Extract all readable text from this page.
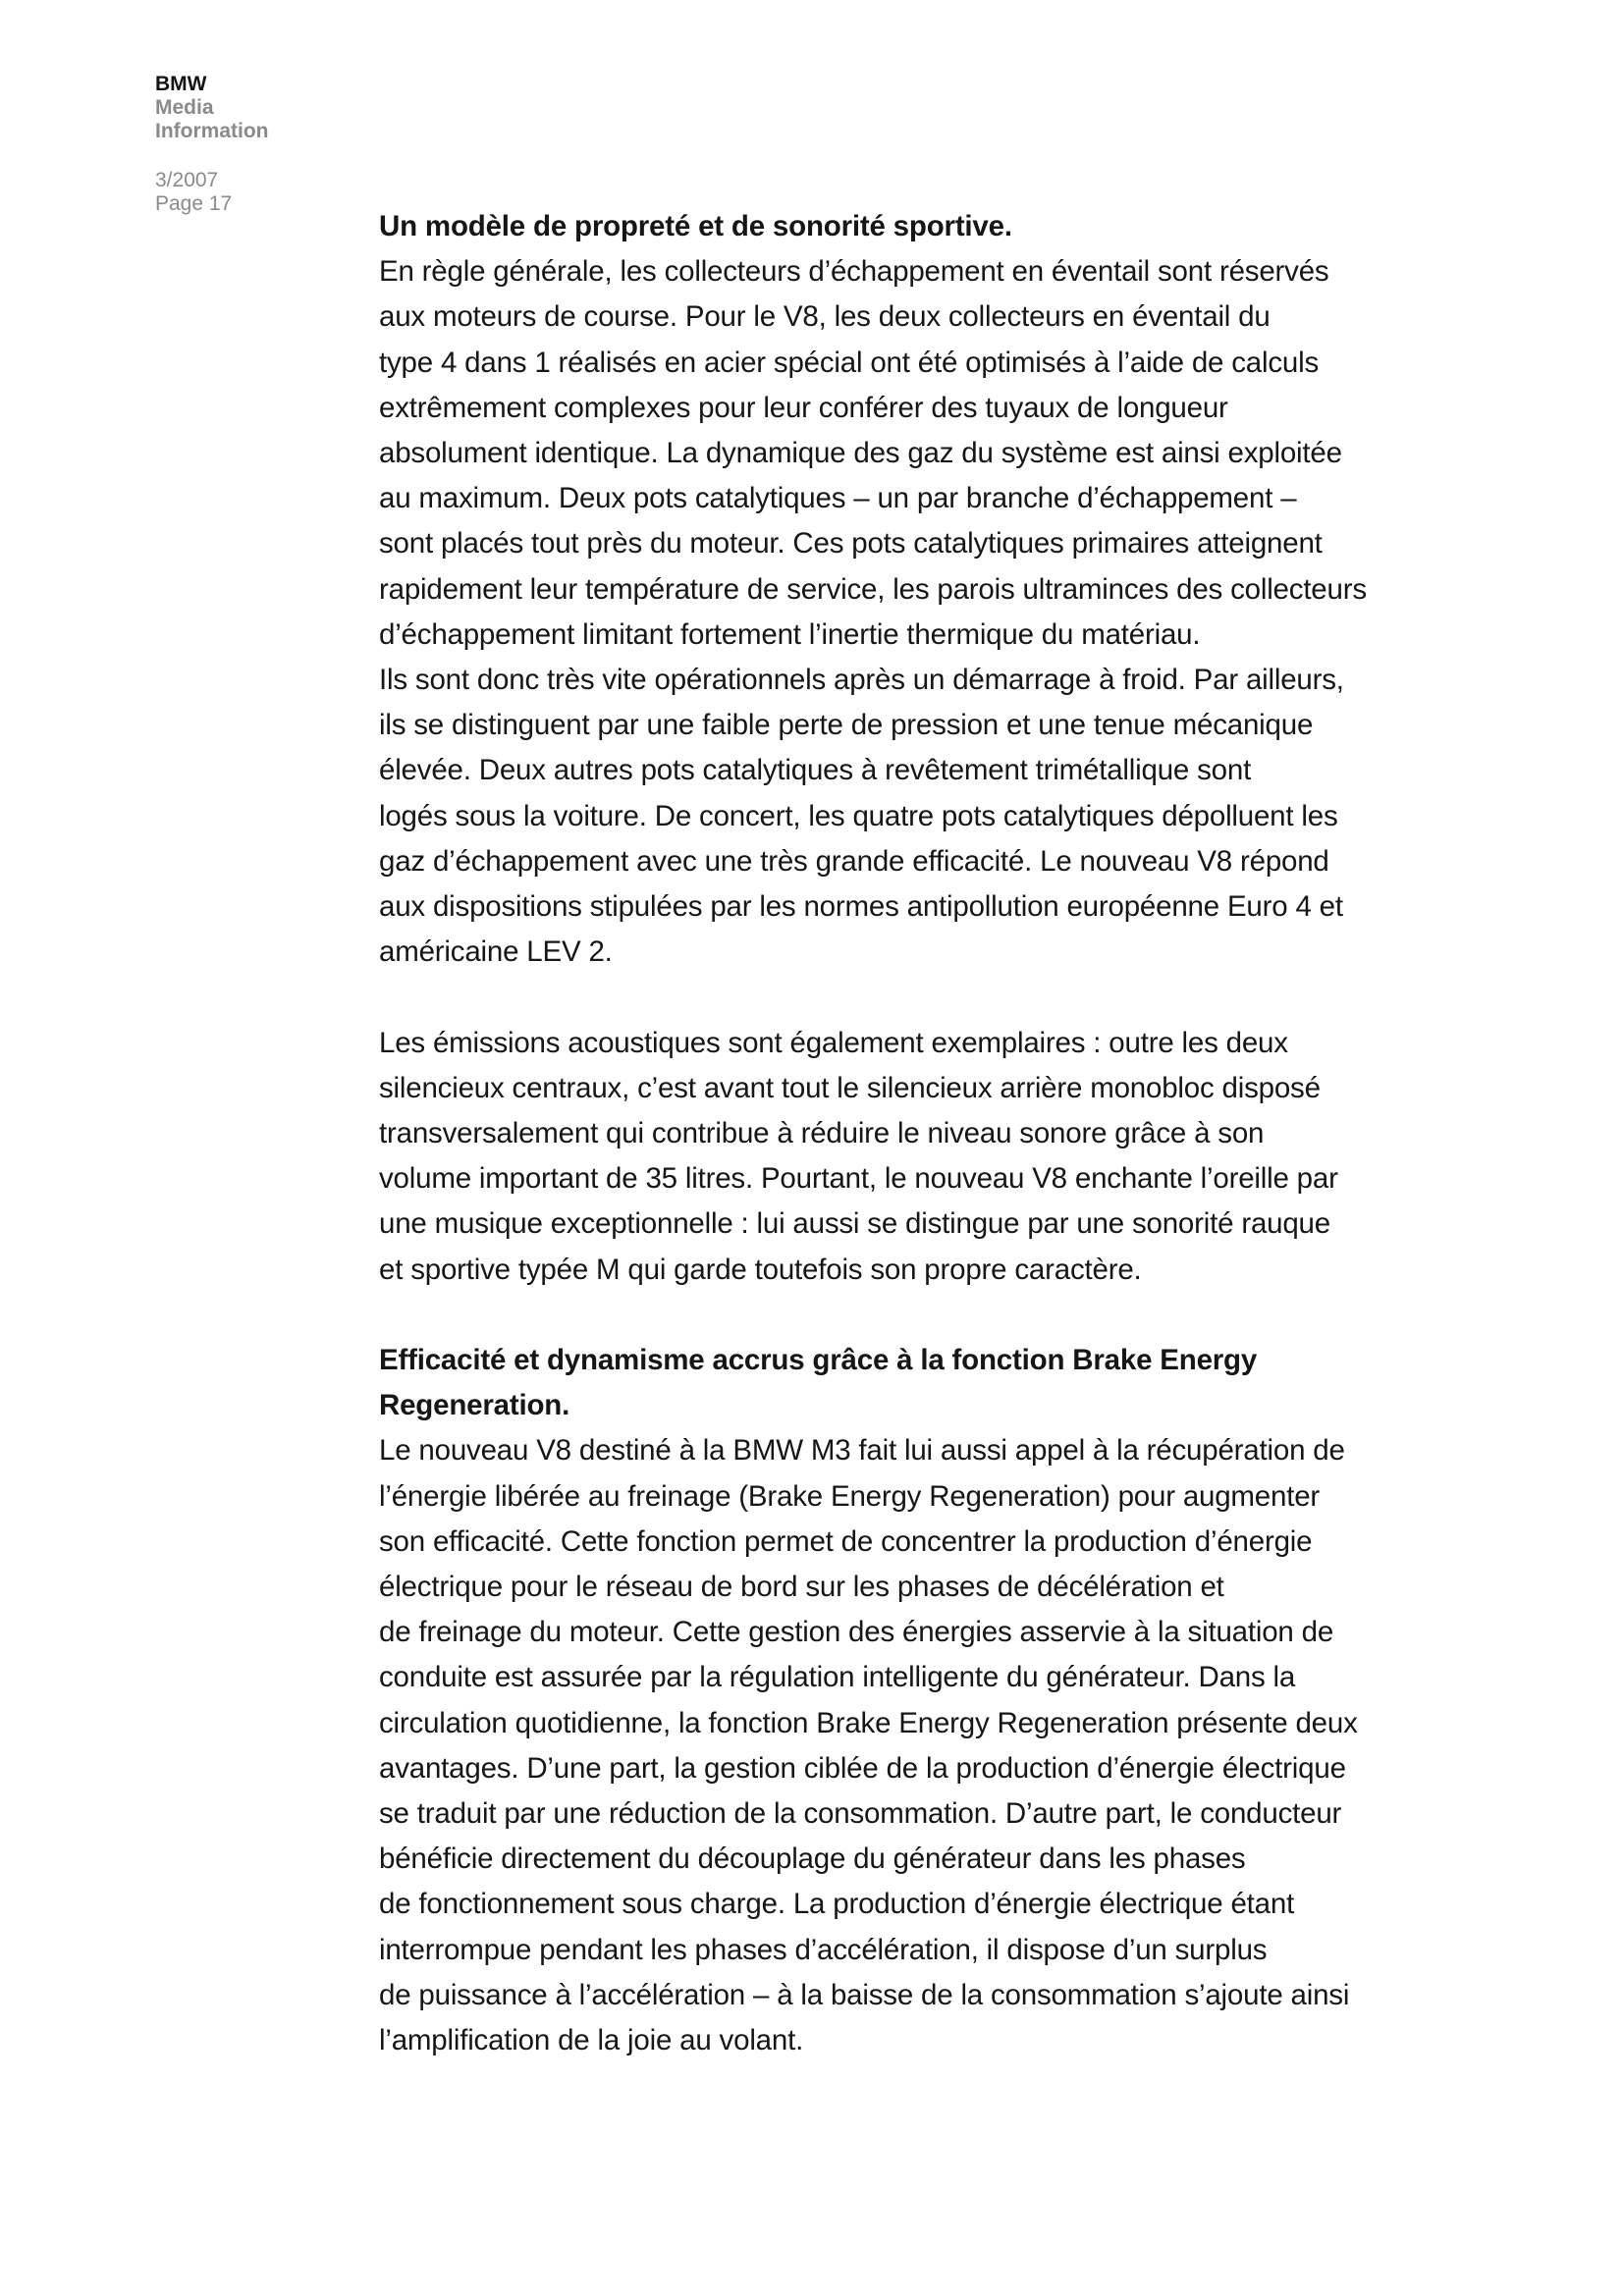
BMW
Media
Information
3/2007
Page 17
Un modèle de propreté et de sonorité sportive.
En règle générale, les collecteurs d’échappement en éventail sont réservés
aux moteurs de course. Pour le V8, les deux collecteurs en éventail du
type 4 dans 1 réalisés en acier spécial ont été optimisés à l’aide de calculs
extrêmement complexes pour leur conférer des tuyaux de longueur
absolument identique. La dynamique des gaz du système est ainsi exploitée
au maximum. Deux pots catalytiques – un par branche d’échappement –
sont placés tout près du moteur. Ces pots catalytiques primaires atteignent
rapidement leur température de service, les parois ultraminces des collecteurs
d’échappement limitant fortement l’inertie thermique du matériau.
Ils sont donc très vite opérationnels après un démarrage à froid. Par ailleurs,
ils se distinguent par une faible perte de pression et une tenue mécanique
élevée. Deux autres pots catalytiques à revêtement trimétallique sont
logés sous la voiture. De concert, les quatre pots catalytiques dépolluent les
gaz d’échappement avec une très grande efficacité. Le nouveau V8 répond
aux dispositions stipulées par les normes antipollution européenne Euro 4 et
américaine LEV 2.
Les émissions acoustiques sont également exemplaires : outre les deux
silencieux centraux, c’est avant tout le silencieux arrière monobloc disposé
transversalement qui contribue à réduire le niveau sonore grâce à son
volume important de 35 litres. Pourtant, le nouveau V8 enchante l’oreille par
une musique exceptionnelle : lui aussi se distingue par une sonorité rauque
et sportive typée M qui garde toutefois son propre caractère.
Efficacité et dynamisme accrus grâce à la fonction Brake Energy
Regeneration.
Le nouveau V8 destiné à la BMW M3 fait lui aussi appel à la récupération de
l’énergie libérée au freinage (Brake Energy Regeneration) pour augmenter
son efficacité. Cette fonction permet de concentrer la production d’énergie
électrique pour le réseau de bord sur les phases de décélération et
de freinage du moteur. Cette gestion des énergies asservie à la situation de
conduite est assurée par la régulation intelligente du générateur. Dans la
circulation quotidienne, la fonction Brake Energy Regeneration présente deux
avantages. D’une part, la gestion ciblée de la production d’énergie électrique
se traduit par une réduction de la consommation. D’autre part, le conducteur
bénéficie directement du découplage du générateur dans les phases
de fonctionnement sous charge. La production d’énergie électrique étant
interrompue pendant les phases d’accélération, il dispose d’un surplus
de puissance à l’accélération – à la baisse de la consommation s’ajoute ainsi
l’amplification de la joie au volant.
